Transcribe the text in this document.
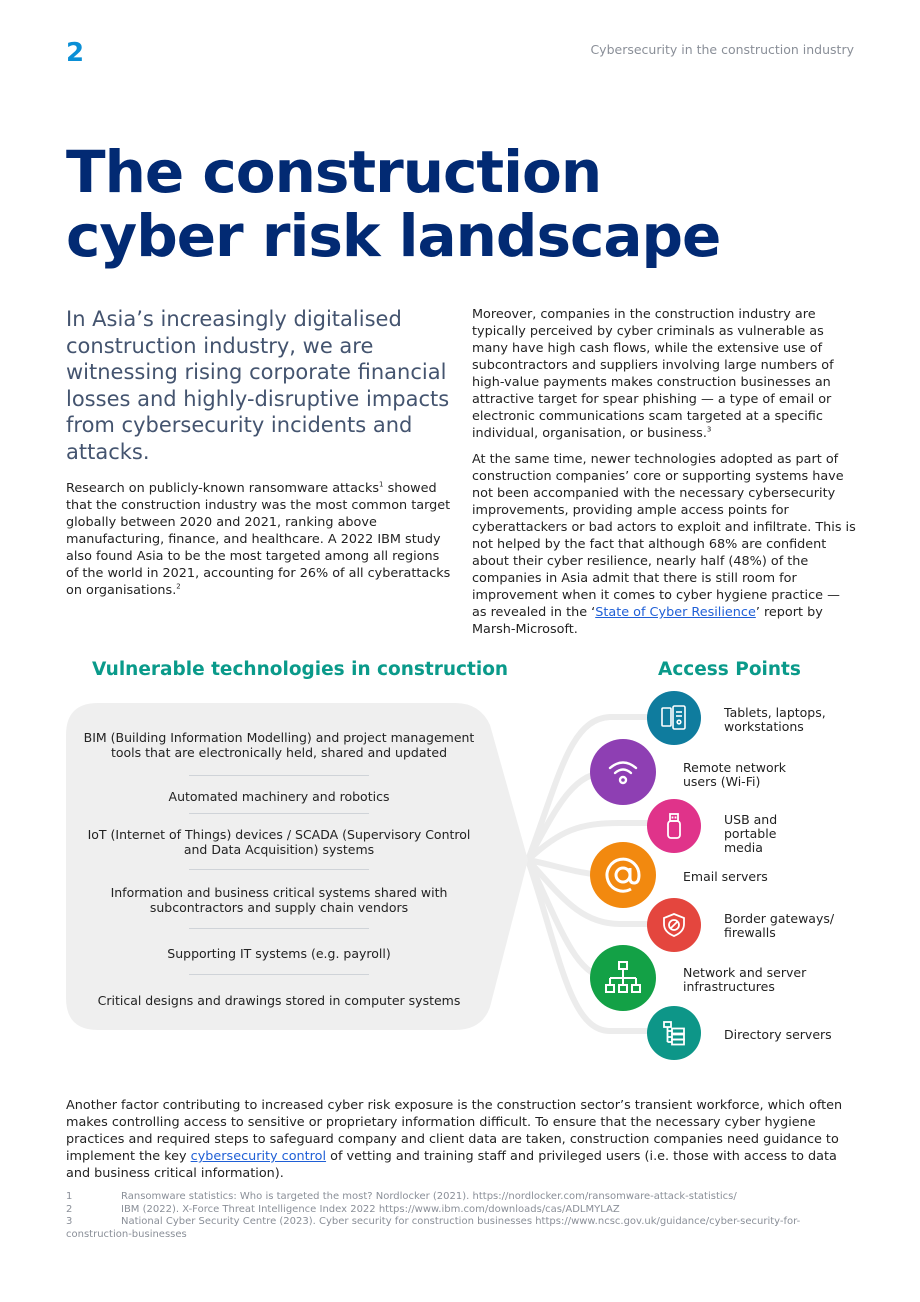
2	Cybersecurity in the construction industry
The construction
cyber risk landscape
In Asia’s increasingly digitalised construction industry, we are witnessing rising corporate financial losses and highly-disruptive impacts from cybersecurity incidents and attacks.
Research on publicly-known ransomware attacks$^1$ showed that the construction industry was the most common target globally between 2020 and 2021, ranking above manufacturing, finance, and healthcare. A 2022 IBM study also found Asia to be the most targeted among all regions of the world in 2021, accounting for 26% of all cyberattacks on organisations.$^2$

Moreover, companies in the construction industry are typically perceived by cyber criminals as vulnerable as many have high cash flows, while the extensive use of subcontractors and suppliers involving large numbers of high-value payments makes construction businesses an attractive target for spear phishing — a type of email or electronic communications scam targeted at a specific individual, organisation, or business.$^3$

At the same time, newer technologies adopted as part of construction companies’ core or supporting systems have not been accompanied with the necessary cybersecurity improvements, providing ample access points for cyberattackers or bad actors to exploit and infiltrate. This is not helped by the fact that although 68% are confident about their cyber resilience, nearly half (48%) of the companies in Asia admit that there is still room for improvement when it comes to cyber hygiene practice — as revealed in the ‘State of Cyber Resilience’ report by Marsh-Microsoft.

Vulnerable technologies in construction	Access Points
BIM (Building Information Modelling) and project management tools that are electronically held, shared and updated
Automated machinery and robotics
IoT (Internet of Things) devices / SCADA (Supervisory Control and Data Acquisition) systems
Information and business critical systems shared with subcontractors and supply chain vendors
Supporting IT systems (e.g. payroll)
Critical designs and drawings stored in computer systems
Tablets, laptops, workstations
Remote network users (Wi-Fi)
USB and portable media
Email servers
Border gateways/ firewalls
Network and server infrastructures
Directory servers
Another factor contributing to increased cyber risk exposure is the construction sector’s transient workforce, which often makes controlling access to sensitive or proprietary information difficult. To ensure that the necessary cyber hygiene practices and required steps to safeguard company and client data are taken, construction companies need guidance to implement the key cybersecurity control of vetting and training staff and privileged users (i.e. those with access to data and business critical information).
1	Ransomware statistics: Who is targeted the most? Nordlocker (2021). https://nordlocker.com/ransomware-attack-statistics/
2	IBM (2022). X-Force Threat Intelligence Index 2022 https://www.ibm.com/downloads/cas/ADLMYLAZ
3	National Cyber Security Centre (2023). Cyber security for construction businesses https://www.ncsc.gov.uk/guidance/cyber-security-for-construction-businesses
